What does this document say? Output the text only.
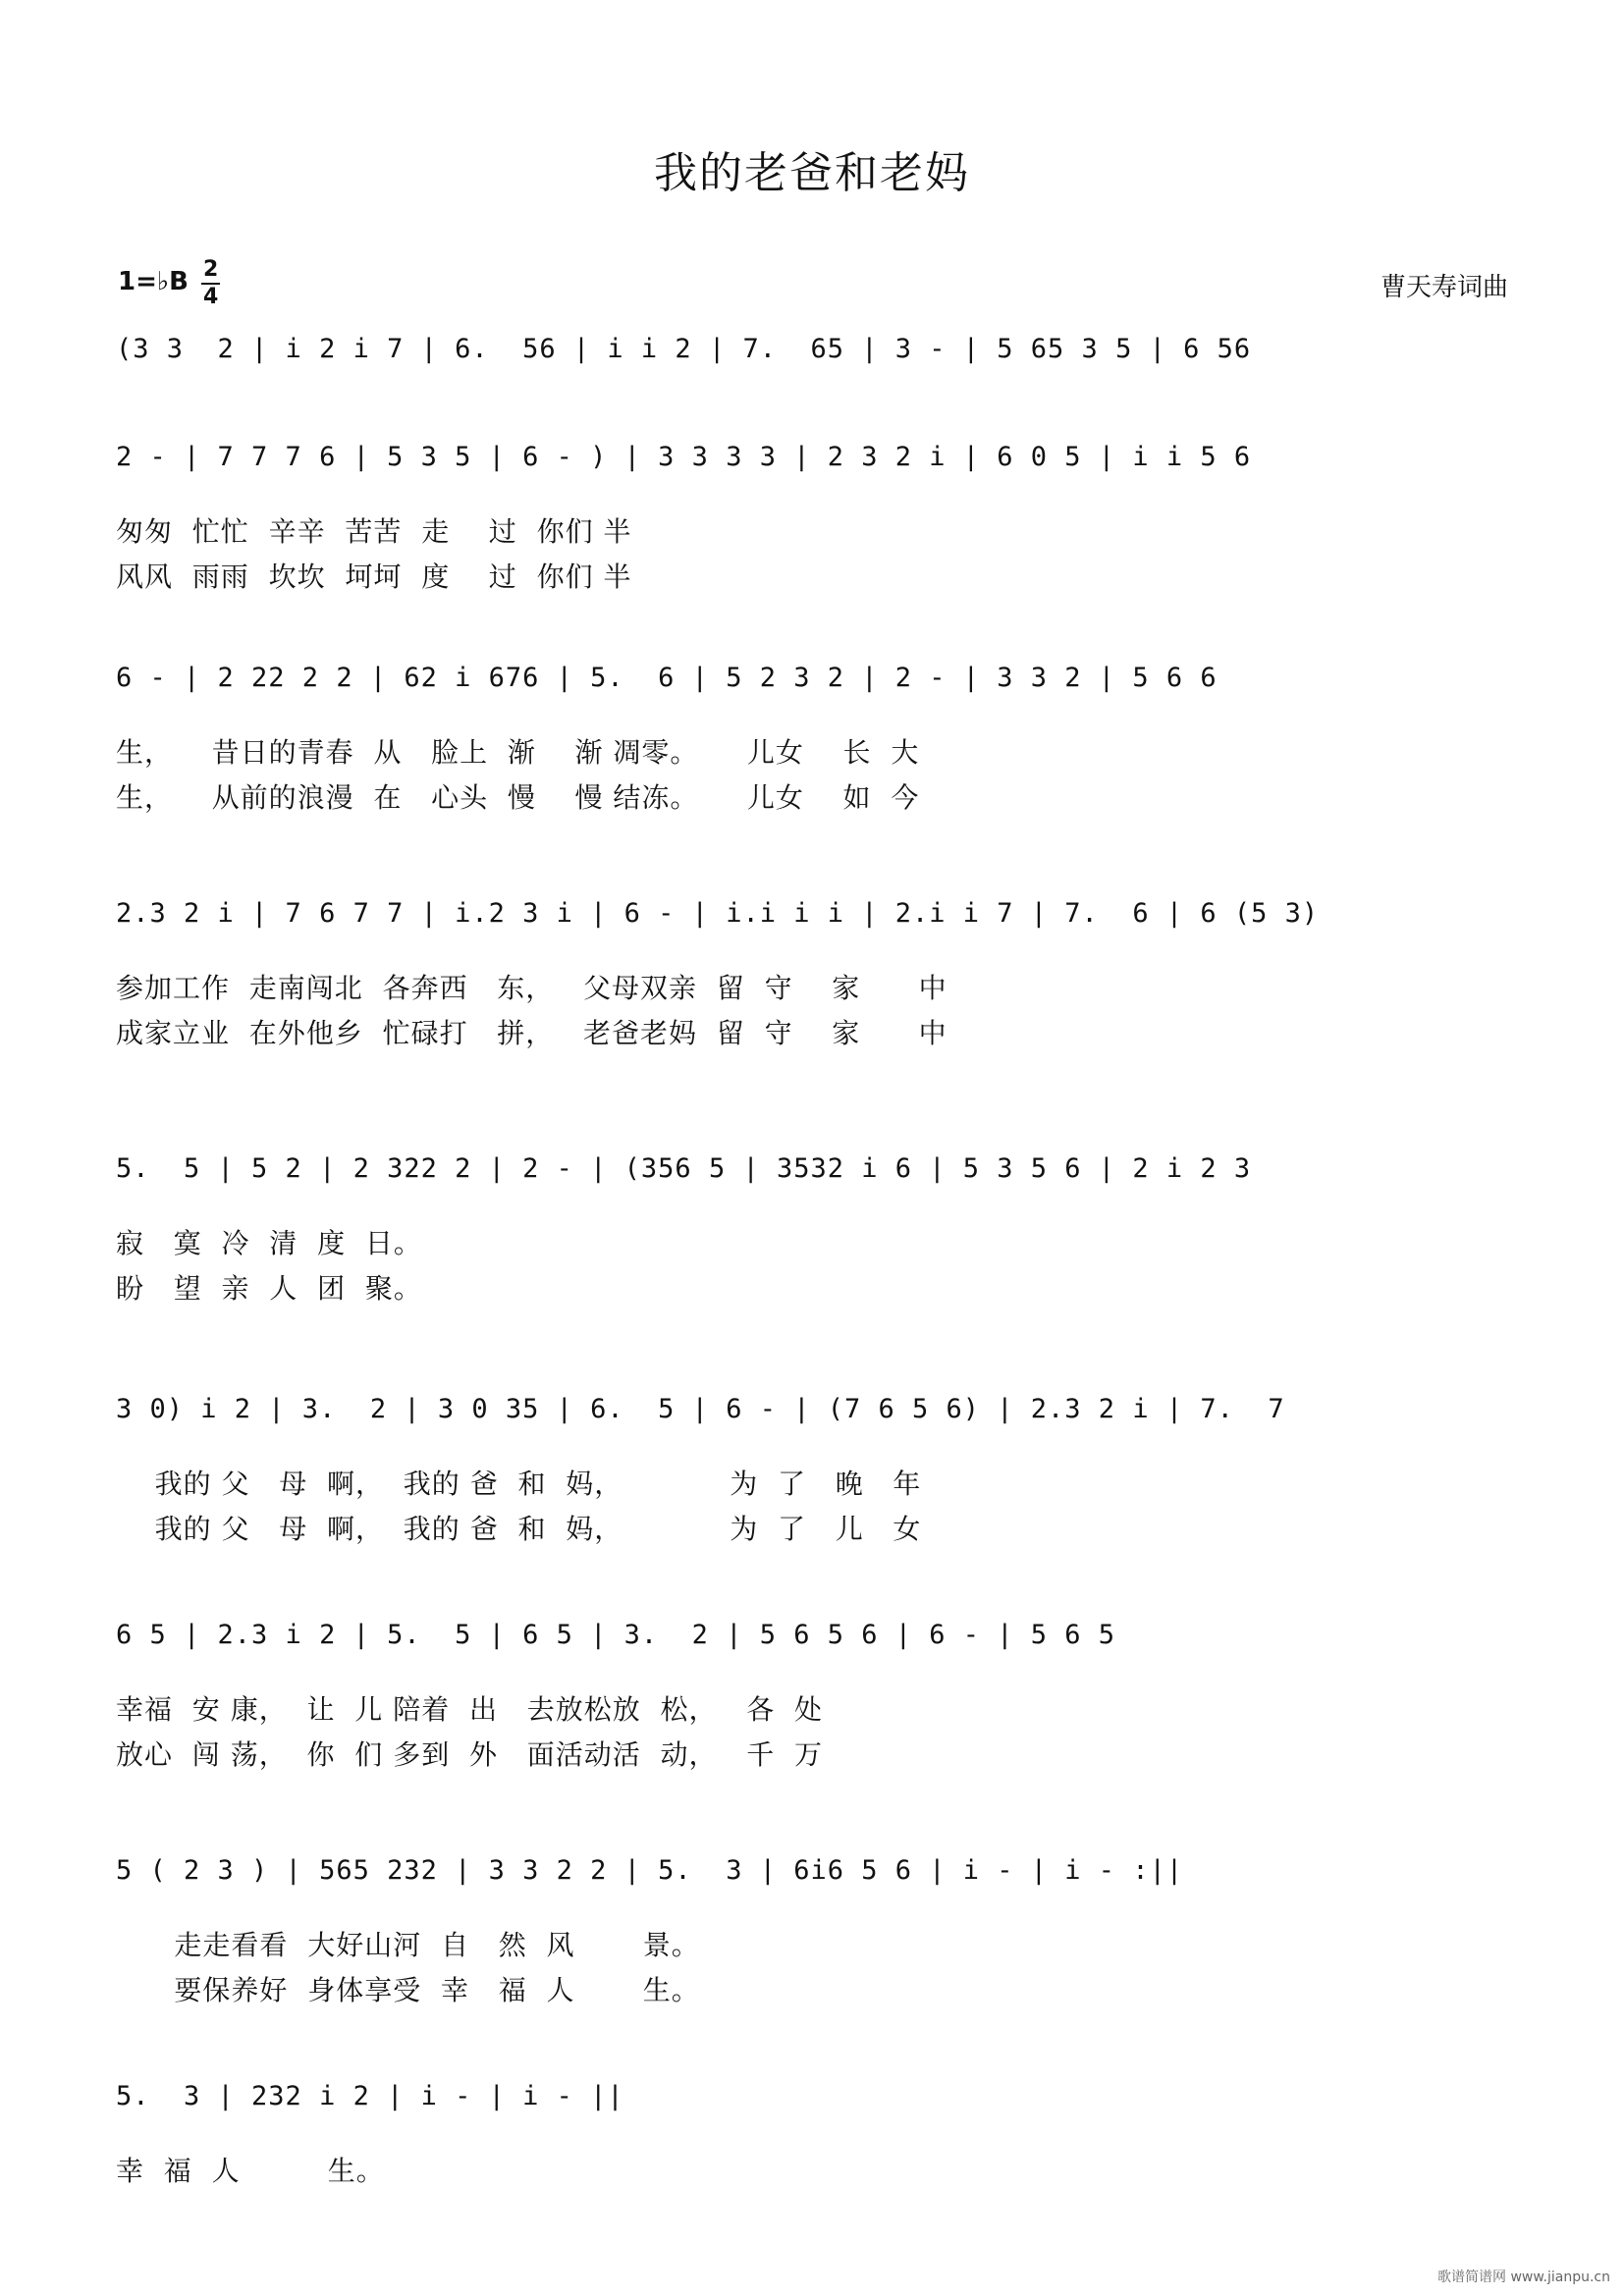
我的老爸和老妈
1=♭B 2
4	曹天寿词曲
(3 3  2 | i 2 i 7 | 6.  56 | i i 2 | 7.  65 | 3 - | 5 65 3 5 | 6 56
2 - | 7 7 7 6 | 5 3 5 | 6 - ) | 3 3 3 3 | 2 3 2 i | 6 0 5 | i i 5 6
匆匆  忙忙  辛辛  苦苦  走    过  你们 半
风风  雨雨  坎坎  坷坷  度    过  你们 半
6 - | 2 22 2 2 | 62 i 676 | 5.  6 | 5 2 3 2 | 2 - | 3 3 2 | 5 6 6
生，    昔日的青春  从   脸上  渐    渐 凋零。     儿女    长  大
生，    从前的浪漫  在   心头  慢    慢 结冻。     儿女    如  今
2.3 2 i | 7 6 7 7 | i.2 3 i | 6 - | i.i i i | 2.i i 7 | 7.  6 | 6 (5 3)
参加工作  走南闯北  各奔西   东，   父母双亲  留  守    家      中
成家立业  在外他乡  忙碌打   拼，   老爸老妈  留  守    家      中
5.  5 | 5 2 | 2 322 2 | 2 - | (356 5 | 3532 i 6 | 5 3 5 6 | 2 i 2 3
寂   寞  冷  清  度  日。
盼   望  亲  人  团  聚。
3 0) i 2 | 3.  2 | 3 0 35 | 6.  5 | 6 - | (7 6 5 6) | 2.3 2 i | 7.  7
我的 父   母  啊，  我的 爸  和  妈，           为  了   晚   年
我的 父   母  啊，  我的 爸  和  妈，           为  了   儿   女
6 5 | 2.3 i 2 | 5.  5 | 6 5 | 3.  2 | 5 6 5 6 | 6 - | 5 6 5
幸福  安 康，  让  儿 陪着  出   去放松放  松，   各  处
放心  闯 荡，  你  们 多到  外   面活动活  动，   千  万
5 ( 2 3 ) | 565 232 | 3 3 2 2 | 5.  3 | 6i6 5 6 | i - | i - :||
走走看看  大好山河  自   然  风       景。
要保养好  身体享受  幸   福  人       生。
5.  3 | 232 i 2 | i - | i - ||
幸  福  人         生。
歌谱简谱网 www.jianpu.cn
